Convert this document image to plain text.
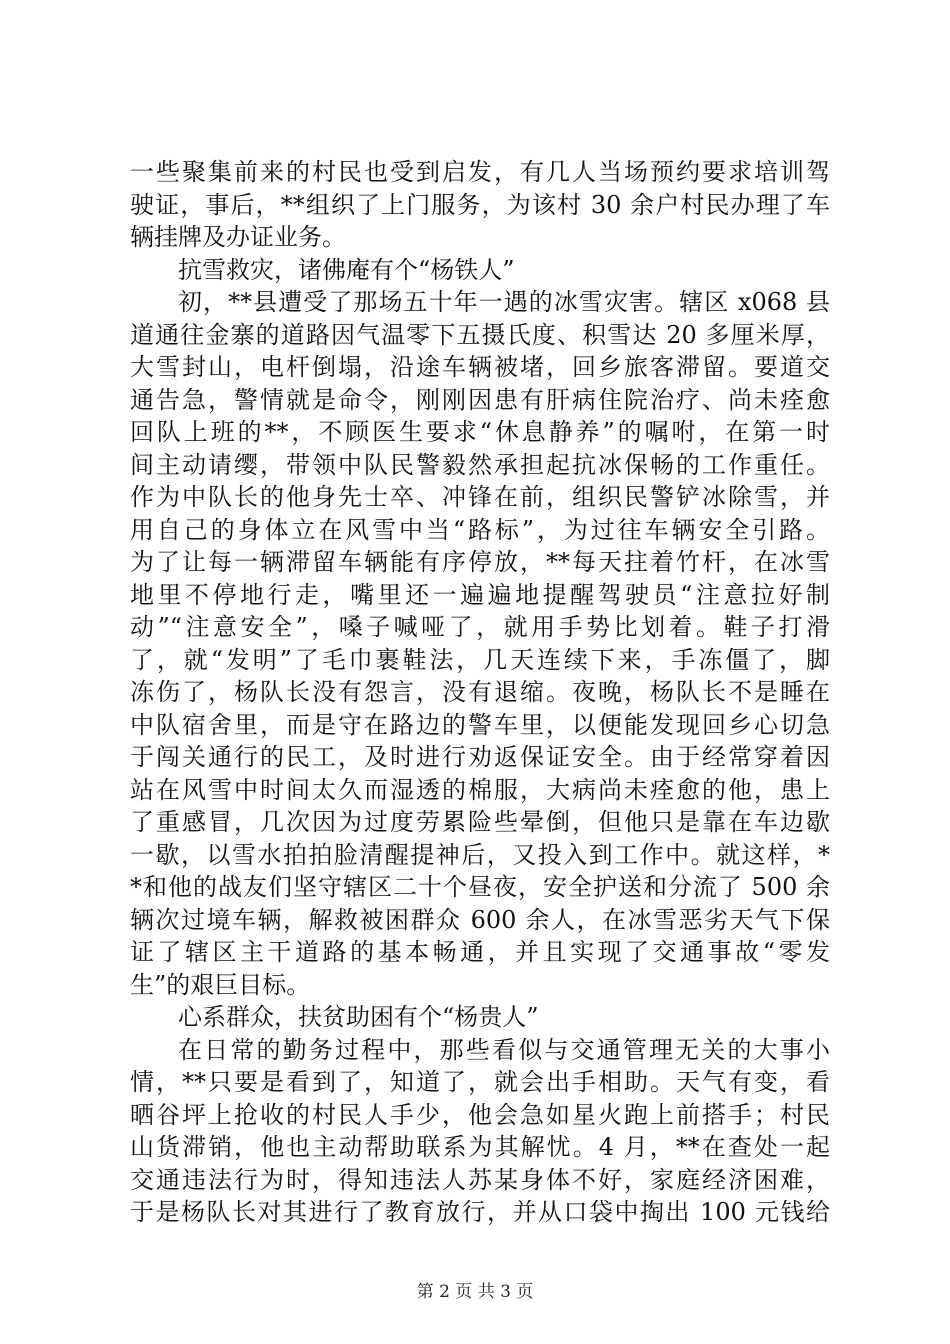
一些聚集前来的村民也受到启发，有几人当场预约要求培训驾
驶证，事后，**组织了上门服务，为该村 30 余户村民办理了车
辆挂牌及办证业务。
抗雪救灾，诸佛庵有个“杨铁人”
初，**县遭受了那场五十年一遇的冰雪灾害。辖区 x068 县
道通往金寨的道路因气温零下五摄氏度、积雪达 20 多厘米厚，
大雪封山，电杆倒塌，沿途车辆被堵，回乡旅客滞留。要道交
通告急，警情就是命令，刚刚因患有肝病住院治疗、尚未痊愈
回队上班的**，不顾医生要求“休息静养”的嘱咐，在第一时
间主动请缨，带领中队民警毅然承担起抗冰保畅的工作重任。
作为中队长的他身先士卒、冲锋在前，组织民警铲冰除雪，并
用自己的身体立在风雪中当“路标”，为过往车辆安全引路。
为了让每一辆滞留车辆能有序停放，**每天拄着竹杆，在冰雪
地里不停地行走，嘴里还一遍遍地提醒驾驶员“注意拉好制
动”“注意安全”，嗓子喊哑了，就用手势比划着。鞋子打滑
了，就“发明”了毛巾裹鞋法，几天连续下来，手冻僵了，脚
冻伤了，杨队长没有怨言，没有退缩。夜晚，杨队长不是睡在
中队宿舍里，而是守在路边的警车里，以便能发现回乡心切急
于闯关通行的民工，及时进行劝返保证安全。由于经常穿着因
站在风雪中时间太久而湿透的棉服，大病尚未痊愈的他，患上
了重感冒，几次因为过度劳累险些晕倒，但他只是靠在车边歇
一歇，以雪水拍拍脸清醒提神后，又投入到工作中。就这样，*
*和他的战友们坚守辖区二十个昼夜，安全护送和分流了 500 余
辆次过境车辆，解救被困群众 600 余人，在冰雪恶劣天气下保
证了辖区主干道路的基本畅通，并且实现了交通事故“零发
生”的艰巨目标。
心系群众，扶贫助困有个“杨贵人”
在日常的勤务过程中，那些看似与交通管理无关的大事小
情，**只要是看到了，知道了，就会出手相助。天气有变，看
晒谷坪上抢收的村民人手少，他会急如星火跑上前搭手；村民
山货滞销，他也主动帮助联系为其解忧。4 月，**在查处一起
交通违法行为时，得知违法人苏某身体不好，家庭经济困难，
于是杨队长对其进行了教育放行，并从口袋中掏出 100 元钱给
第 2 页 共 3 页
